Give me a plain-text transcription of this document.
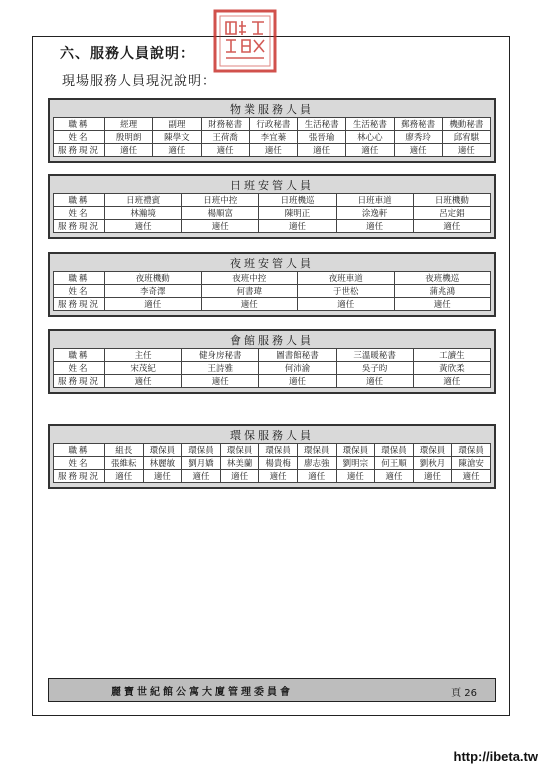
六、服務人員說明：
現場服務人員現況說明：
物業服務人員
職稱	經理	副理	財務秘書	行政秘書	生活秘書	生活秘書	郵務秘書	機動秘書
姓名	殷明朗	陳學文	王荷喬	李宜蓁	張晉瑜	林心心	廖秀玲	邱宥騏
服務現況	適任	適任	適任	適任	適任	適任	適任	適任
日班安管人員
職稱	日班禮賓	日班中控	日班機巡	日班車道	日班機動
姓名	林瀚境	楊順富	陳明正	涂逸軒	呂定錩
服務現況	適任	適任	適任	適任	適任
夜班安管人員
職稱	夜班機動	夜班中控	夜班車道	夜班機巡
姓名	李奇澤	何書瑋	于世松	蒲兆鴻
服務現況	適任	適任	適任	適任
會館服務人員
職稱	主任	健身房秘書	圖書館秘書	三溫暖秘書	工讀生
姓名	宋茂紀	王詩雅	何沛渝	吳子昀	黃欣柔
服務現況	適任	適任	適任	適任	適任
環保服務人員
職稱	組長	環保員	環保員	環保員	環保員	環保員	環保員	環保員	環保員	環保員
姓名	張維耘	林麗敏	劉月嬌	林美蘭	楊貴梅	廖志強	劉明宗	何王順	劉秋月	陳滄安
服務現況	適任	適任	適任	適任	適任	適任	適任	適任	適任	適任
麗寶世紀館公寓大廈管理委員會	頁 26
http://ibeta.tw
